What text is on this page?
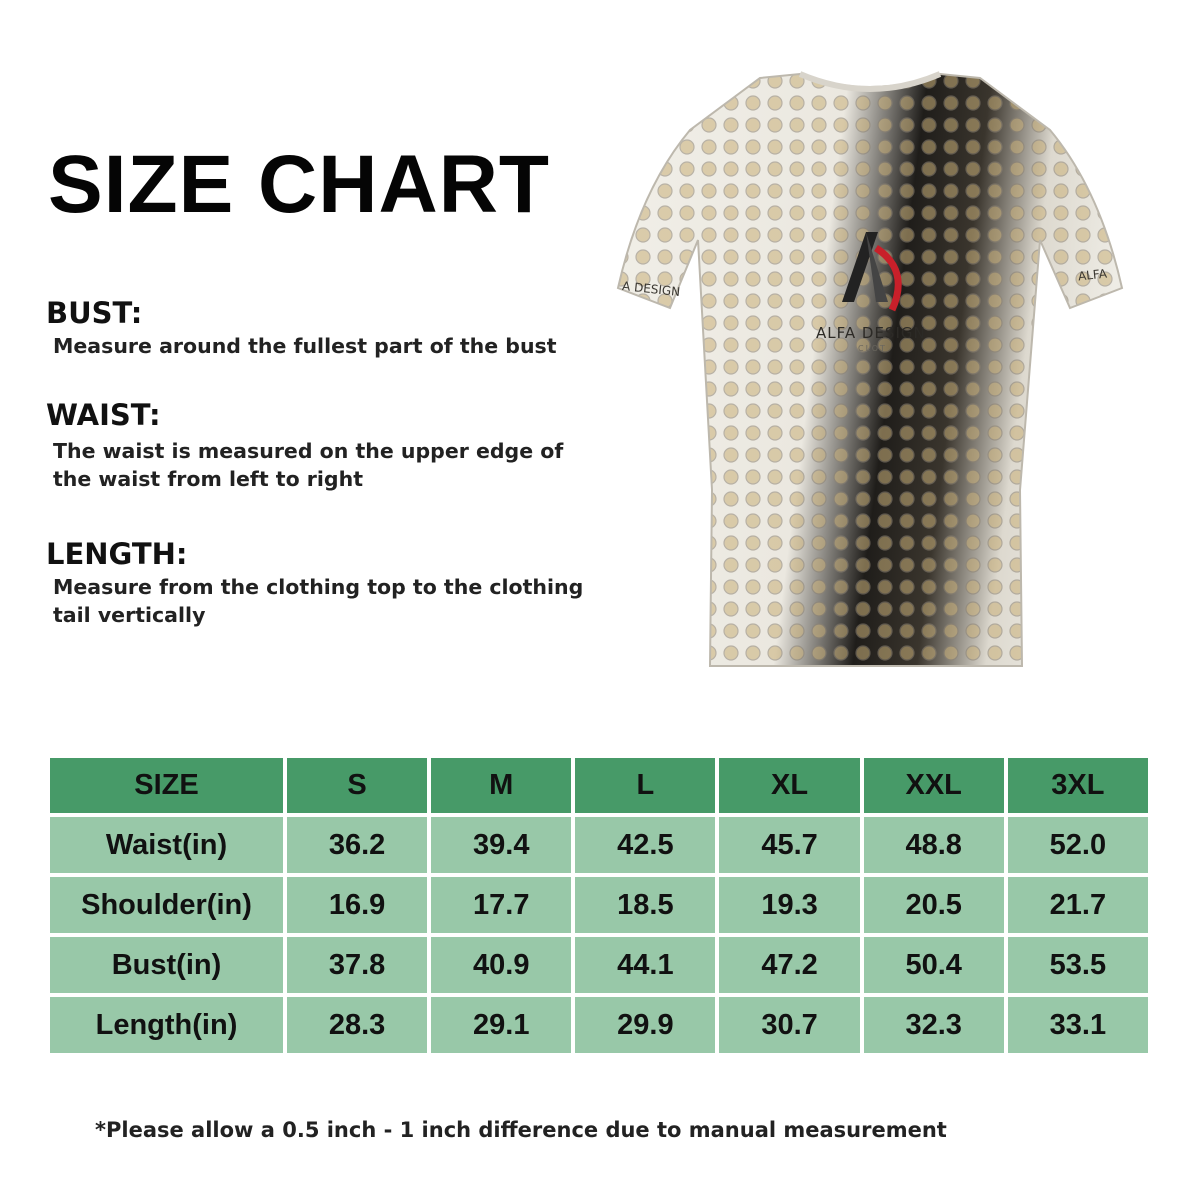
SIZE CHART

BUST:

Measure around the fullest part of the bust

WAIST:

The waist is measured on the upper edge of

the waist from left to right

LENGTH:

Measure from the clothing top to the clothing

tail vertically

ALFA DESIGN
CLOT
A DESIGN
ALFA
SIZE	S	M	L	XL	XXL	3XL
Waist(in)	36.2	39.4	42.5	45.7	48.8	52.0
Shoulder(in)	16.9	17.7	18.5	19.3	20.5	21.7
Bust(in)	37.8	40.9	44.1	47.2	50.4	53.5
Length(in)	28.3	29.1	29.9	30.7	32.3	33.1

*Please allow a 0.5 inch - 1 inch difference due to manual measurement
